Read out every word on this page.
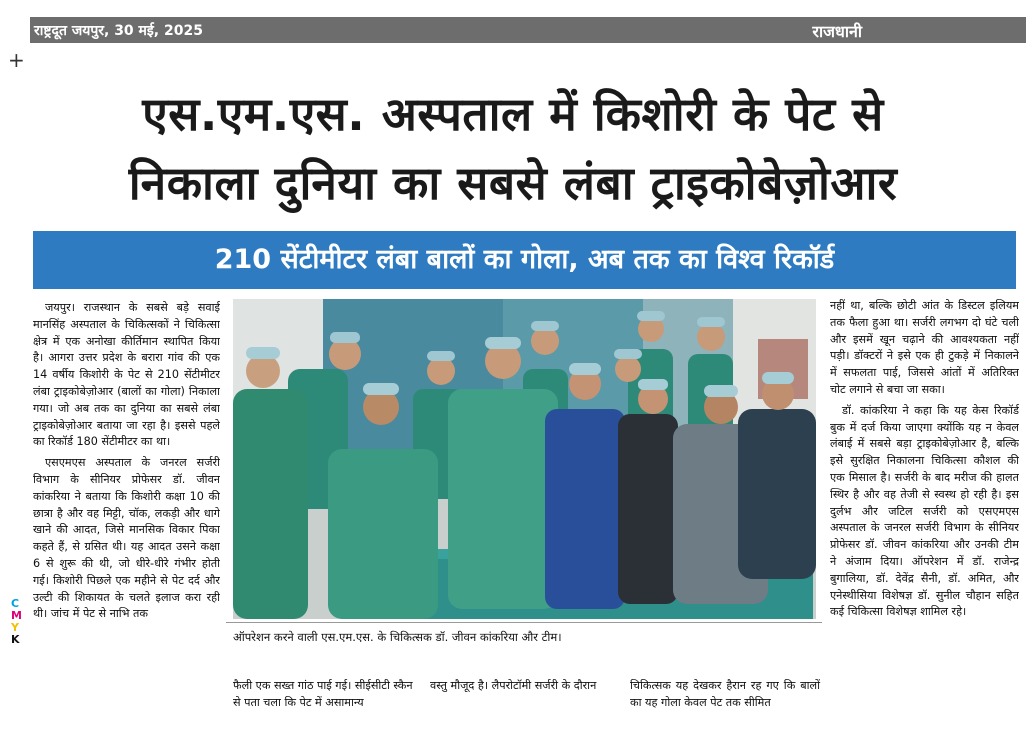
राष्ट्रदूत जयपुर, 30 मई, 2025	राजधानी
+
एस.एम.एस. अस्पताल में किशोरी के पेट से
निकाला दुनिया का सबसे लंबा ट्राइकोबेज़ोआर
210 सेंटीमीटर लंबा बालों का गोला, अब तक का विश्व रिकॉर्ड

जयपुर। राजस्थान के सबसे बड़े सवाई मानसिंह अस्पताल के चिकित्सकों ने चिकित्सा क्षेत्र में एक अनोखा कीर्तिमान स्थापित किया है। आगरा उत्तर प्रदेश के बरारा गांव की एक 14 वर्षीय किशोरी के पेट से 210 सेंटीमीटर लंबा ट्राइकोबेज़ोआर (बालों का गोला) निकाला गया। जो अब तक का दुनिया का सबसे लंबा ट्राइकोबेज़ोआर बताया जा रहा है। इससे पहले का रिकॉर्ड 180 सेंटीमीटर का था।

एसएमएस अस्पताल के जनरल सर्जरी विभाग के सीनियर प्रोफेसर डॉ. जीवन कांकरिया ने बताया कि किशोरी कक्षा 10 की छात्रा है और वह मिट्टी, चॉक, लकड़ी और धागे खाने की आदत, जिसे मानसिक विकार पिका कहते हैं, से ग्रसित थी। यह आदत उसने कक्षा 6 से शुरू की थी, जो धीरे-धीरे गंभीर होती गई। किशोरी पिछले एक महीने से पेट दर्द और उल्टी की शिकायत के चलते इलाज करा रही थी। जांच में पेट से नाभि तक

ऑपरेशन करने वाली एस.एम.एस. के चिकित्सक डॉ. जीवन कांकरिया और टीम।

नहीं था, बल्कि छोटी आंत के डिस्टल इलियम तक फैला हुआ था। सर्जरी लगभग दो घंटे चली और इसमें खून चढ़ाने की आवश्यकता नहीं पड़ी। डॉक्टरों ने इसे एक ही टुकड़े में निकालने में सफलता पाई, जिससे आंतों में अतिरिक्त चोट लगाने से बचा जा सका।

डॉ. कांकरिया ने कहा कि यह केस रिकॉर्ड बुक में दर्ज किया जाएगा क्योंकि यह न केवल लंबाई में सबसे बड़ा ट्राइकोबेज़ोआर है, बल्कि इसे सुरक्षित निकालना चिकित्सा कौशल की एक मिसाल है। सर्जरी के बाद मरीज की हालत स्थिर है और वह तेजी से स्वस्थ हो रही है। इस दुर्लभ और जटिल सर्जरी को एसएमएस अस्पताल के जनरल सर्जरी विभाग के सीनियर प्रोफेसर डॉ. जीवन कांकरिया और उनकी टीम ने अंजाम दिया। ऑपरेशन में डॉ. राजेन्द्र बुगालिया, डॉ. देवेंद्र सैनी, डॉ. अमित, और एनेस्थीसिया विशेषज्ञ डॉ. सुनील चौहान सहित कई चिकित्सा विशेषज्ञ शामिल रहे।

फैली एक सख्त गांठ पाई गई। सीईसीटी स्कैन से पता चला कि पेट में असामान्य
वस्तु मौजूद है। लैपरोटॉमी सर्जरी के दौरान	चिकित्सक यह देखकर हैरान रह गए कि बालों का यह गोला केवल पेट तक सीमित
C
M
Y
K
